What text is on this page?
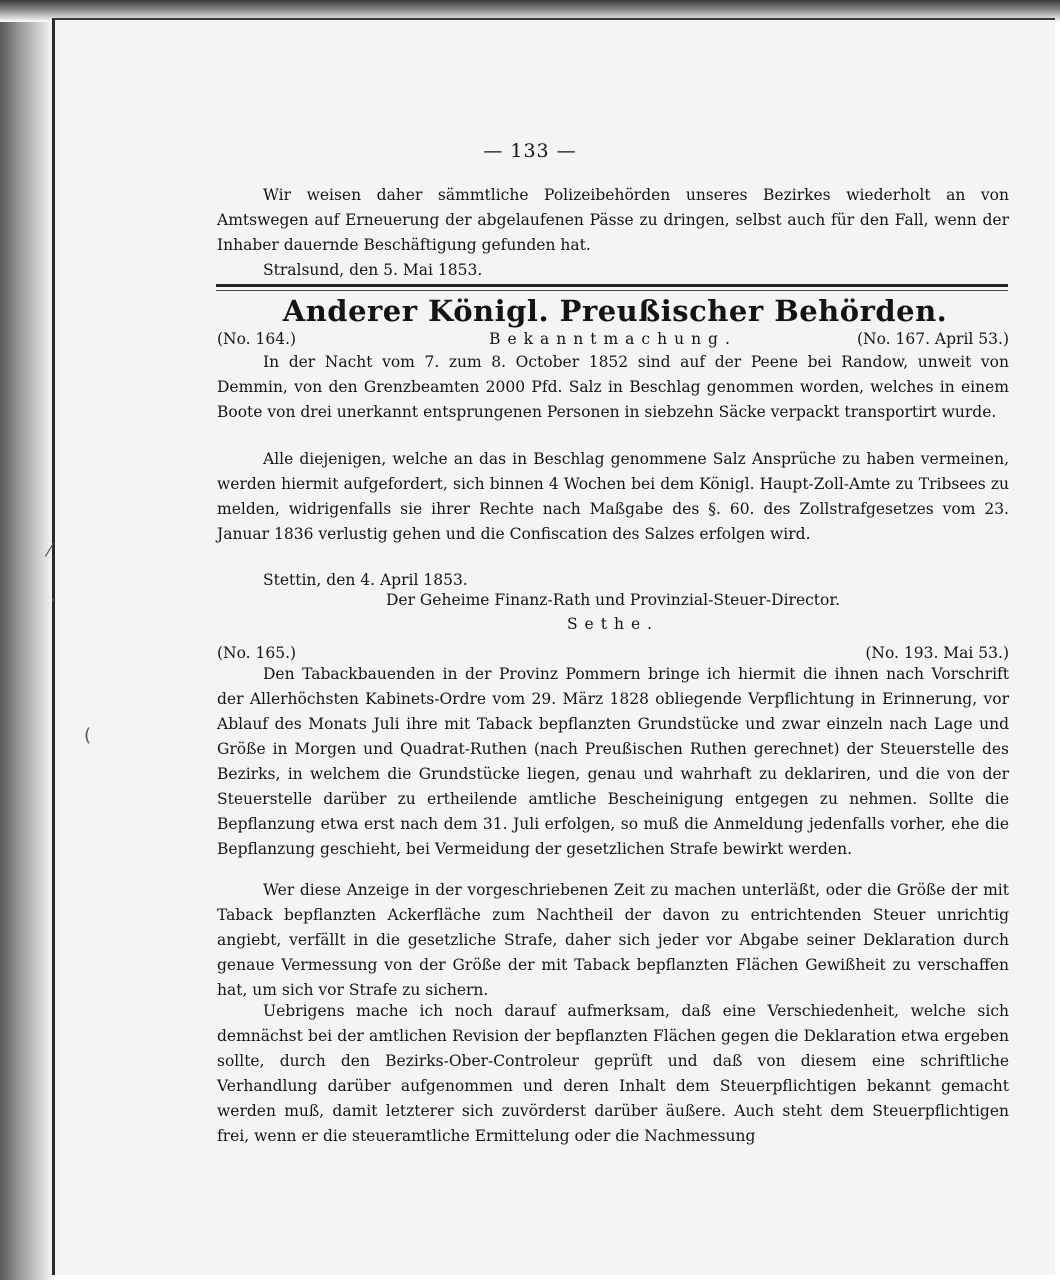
— 133 —
Wir weisen daher sämmtliche Polizeibehörden unseres Bezirkes wiederholt an von Amtswegen auf Erneuerung der abgelaufenen Pässe zu dringen, selbst auch für den Fall, wenn der Inhaber dauernde Beschäftigung gefunden hat.
Stralsund, den 5. Mai 1853.
Anderer Königl. Preußischer Behörden.
(No. 164.)	Bekanntmachung.	(No. 167. April 53.)
In der Nacht vom 7. zum 8. October 1852 sind auf der Peene bei Randow, unweit von Demmin, von den Grenzbeamten 2000 Pfd. Salz in Beschlag genommen worden, welches in einem Boote von drei unerkannt entsprungenen Personen in siebzehn Säcke verpackt transportirt wurde.
Alle diejenigen, welche an das in Beschlag genommene Salz Ansprüche zu haben vermeinen, werden hiermit aufgefordert, sich binnen 4 Wochen bei dem Königl. Haupt-Zoll-Amte zu Tribsees zu melden, widrigenfalls sie ihrer Rechte nach Maßgabe des §. 60. des Zollstrafgesetzes vom 23. Januar 1836 verlustig gehen und die Confiscation des Salzes erfolgen wird.
Stettin, den 4. April 1853.
Der Geheime Finanz-Rath und Provinzial-Steuer-Director.
Sethe.
(No. 165.)	(No. 193. Mai 53.)
Den Tabackbauenden in der Provinz Pommern bringe ich hiermit die ihnen nach Vorschrift der Allerhöchsten Kabinets-Ordre vom 29. März 1828 obliegende Verpflichtung in Erinnerung, vor Ablauf des Monats Juli ihre mit Taback bepflanzten Grundstücke und zwar einzeln nach Lage und Größe in Morgen und Quadrat-Ruthen (nach Preußischen Ruthen gerechnet) der Steuerstelle des Bezirks, in welchem die Grundstücke liegen, genau und wahrhaft zu deklariren, und die von der Steuerstelle darüber zu ertheilende amtliche Bescheinigung entgegen zu nehmen. Sollte die Bepflanzung etwa erst nach dem 31. Juli erfolgen, so muß die Anmeldung jedenfalls vorher, ehe die Bepflanzung geschieht, bei Vermeidung der gesetzlichen Strafe bewirkt werden.
Wer diese Anzeige in der vorgeschriebenen Zeit zu machen unterläßt, oder die Größe der mit Taback bepflanzten Ackerfläche zum Nachtheil der davon zu entrichtenden Steuer unrichtig angiebt, verfällt in die gesetzliche Strafe, daher sich jeder vor Abgabe seiner Deklaration durch genaue Vermessung von der Größe der mit Taback bepflanzten Flächen Gewißheit zu verschaffen hat, um sich vor Strafe zu sichern.
Uebrigens mache ich noch darauf aufmerksam, daß eine Verschiedenheit, welche sich demnächst bei der amtlichen Revision der bepflanzten Flächen gegen die Deklaration etwa ergeben sollte, durch den Bezirks-Ober-Controleur geprüft und daß von diesem eine schriftliche Verhandlung darüber aufgenommen und deren Inhalt dem Steuerpflichtigen bekannt gemacht werden muß, damit letzterer sich zuvörderst darüber äußere. Auch steht dem Steuerpflichtigen frei, wenn er die steueramtliche Ermittelung oder die Nachmessung
⁄
·
(
